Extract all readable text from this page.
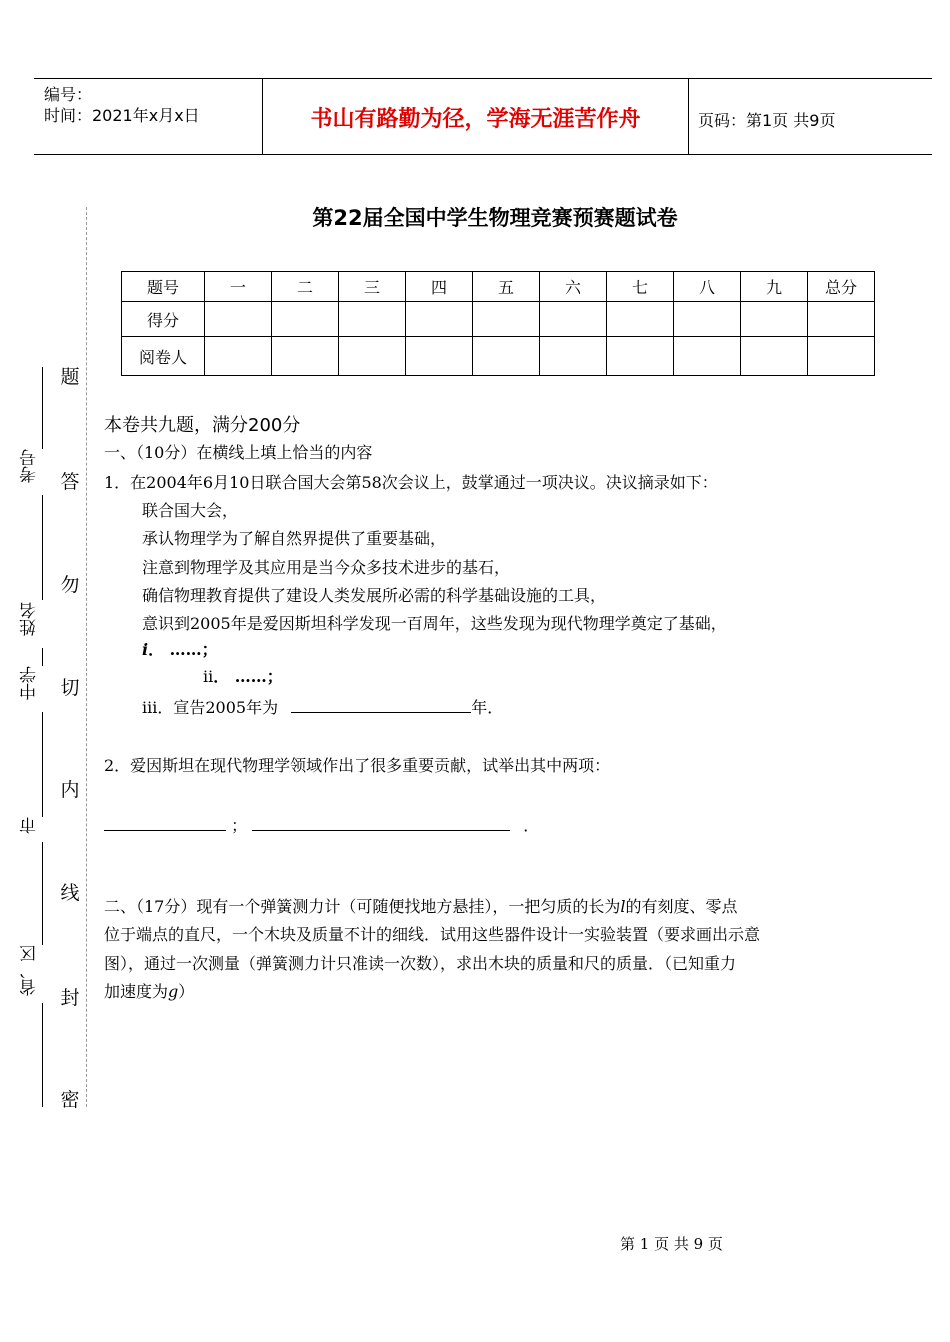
编号：
时间：2021年x月x日	书山有路勤为径，学海无涯苦作舟	页码：第1页 共9页
题
答
勿
切
内
线
封
密
考号
姓名
中学
市
省、区
第22届全国中学生物理竞赛预赛题试卷
题号	一	二	三	四	五	六	七	八	九	总分
得分										
阅卷人										
本卷共九题，满分200分
一、（10分）在横线上填上恰当的内容
1．在2004年6月10日联合国大会第58次会议上，鼓掌通过一项决议。决议摘录如下：
联合国大会，
承认物理学为了解自然界提供了重要基础，
注意到物理学及其应用是当今众多技术进步的基石，
确信物理教育提供了建设人类发展所必需的科学基础设施的工具，
意识到2005年是爱因斯坦科学发现一百周年，这些发现为现代物理学奠定了基础，
i． ……；
ii． ……；
iii．宣告2005年为	年．
2．爱因斯坦在现代物理学领域作出了很多重要贡献，试举出其中两项：
；	．
二、（17分）现有一个弹簧测力计（可随便找地方悬挂），一把匀质的长为l的有刻度、零点
位于端点的直尺，一个木块及质量不计的细线．试用这些器件设计一实验装置（要求画出示意
图），通过一次测量（弹簧测力计只准读一次数），求出木块的质量和尺的质量．（已知重力
加速度为g）
第 1 页 共 9 页
